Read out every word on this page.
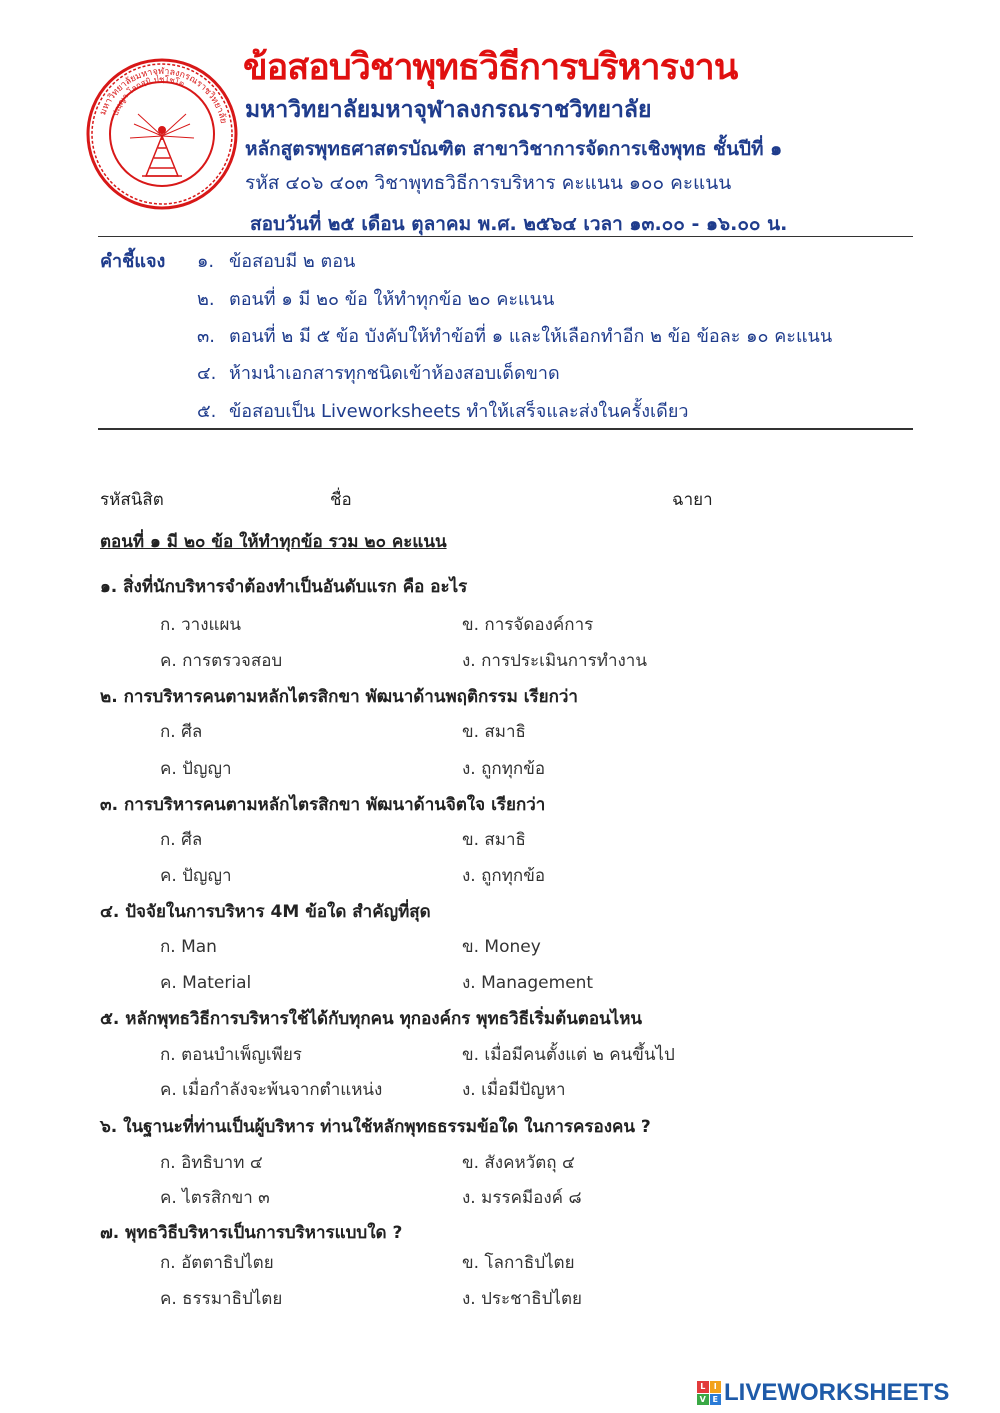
มหาวิทยาลัยมหาจุฬาลงกรณราชวิทยาลัย
ปญฺญา โลกสฺมิ ปชฺโชโต ข้อสอบวิชาพุทธวิธีการบริหารงาน
มหาวิทยาลัยมหาจุฬาลงกรณราชวิทยาลัย
หลักสูตรพุทธศาสตรบัณฑิต สาขาวิชาการจัดการเชิงพุทธ ชั้นปีที่ ๑
รหัส ๔๐๖ ๔๐๓ วิชาพุทธวิธีการบริหาร คะแนน ๑๐๐ คะแนน
สอบวันที่ ๒๕ เดือน ตุลาคม พ.ศ. ๒๕๖๔ เวลา ๑๓.๐๐ - ๑๖.๐๐ น.
คำชี้แจง ๑. ข้อสอบมี ๒ ตอน
๒. ตอนที่ ๑ มี ๒๐ ข้อ ให้ทำทุกข้อ ๒๐ คะแนน
๓. ตอนที่ ๒ มี ๕ ข้อ บังคับให้ทำข้อที่ ๑ และให้เลือกทำอีก ๒ ข้อ ข้อละ ๑๐ คะแนน
๔. ห้ามนำเอกสารทุกชนิดเข้าห้องสอบเด็ดขาด
๕. ข้อสอบเป็น Liveworksheets ทำให้เสร็จและส่งในครั้งเดียว
รหัสนิสิต	ชื่อ	ฉายา
ตอนที่ ๑ มี ๒๐ ข้อ ให้ทำทุกข้อ รวม ๒๐ คะแนน
๑. สิ่งที่นักบริหารจำต้องทำเป็นอันดับแรก คือ อะไร
ก. วางแผน	ข. การจัดองค์การ
ค. การตรวจสอบ	ง. การประเมินการทำงาน
๒. การบริหารคนตามหลักไตรสิกขา พัฒนาด้านพฤติกรรม เรียกว่า
ก. ศีล	ข. สมาธิ
ค. ปัญญา	ง. ถูกทุกข้อ
๓. การบริหารคนตามหลักไตรสิกขา พัฒนาด้านจิตใจ เรียกว่า
ก. ศีล	ข. สมาธิ
ค. ปัญญา	ง. ถูกทุกข้อ
๔. ปัจจัยในการบริหาร 4M ข้อใด สำคัญที่สุด
ก. Man	ข. Money
ค. Material	ง. Management
๕. หลักพุทธวิธีการบริหารใช้ได้กับทุกคน ทุกองค์กร พุทธวิธีเริ่มต้นตอนไหน
ก. ตอนบำเพ็ญเพียร	ข. เมื่อมีคนตั้งแต่ ๒ คนขึ้นไป
ค. เมื่อกำลังจะพ้นจากตำแหน่ง	ง. เมื่อมีปัญหา
๖. ในฐานะที่ท่านเป็นผู้บริหาร ท่านใช้หลักพุทธธรรมข้อใด ในการครองคน ?
ก. อิทธิบาท ๔	ข. สังคหวัตถุ ๔
ค. ไตรสิกขา ๓	ง. มรรคมีองค์ ๘
๗. พุทธวิธีบริหารเป็นการบริหารแบบใด ?
ก. อัตตาธิปไตย	ข. โลกาธิปไตย
ค. ธรรมาธิปไตย	ง. ประชาธิปไตย
L	I
V E LIVEWORKSHEETS
